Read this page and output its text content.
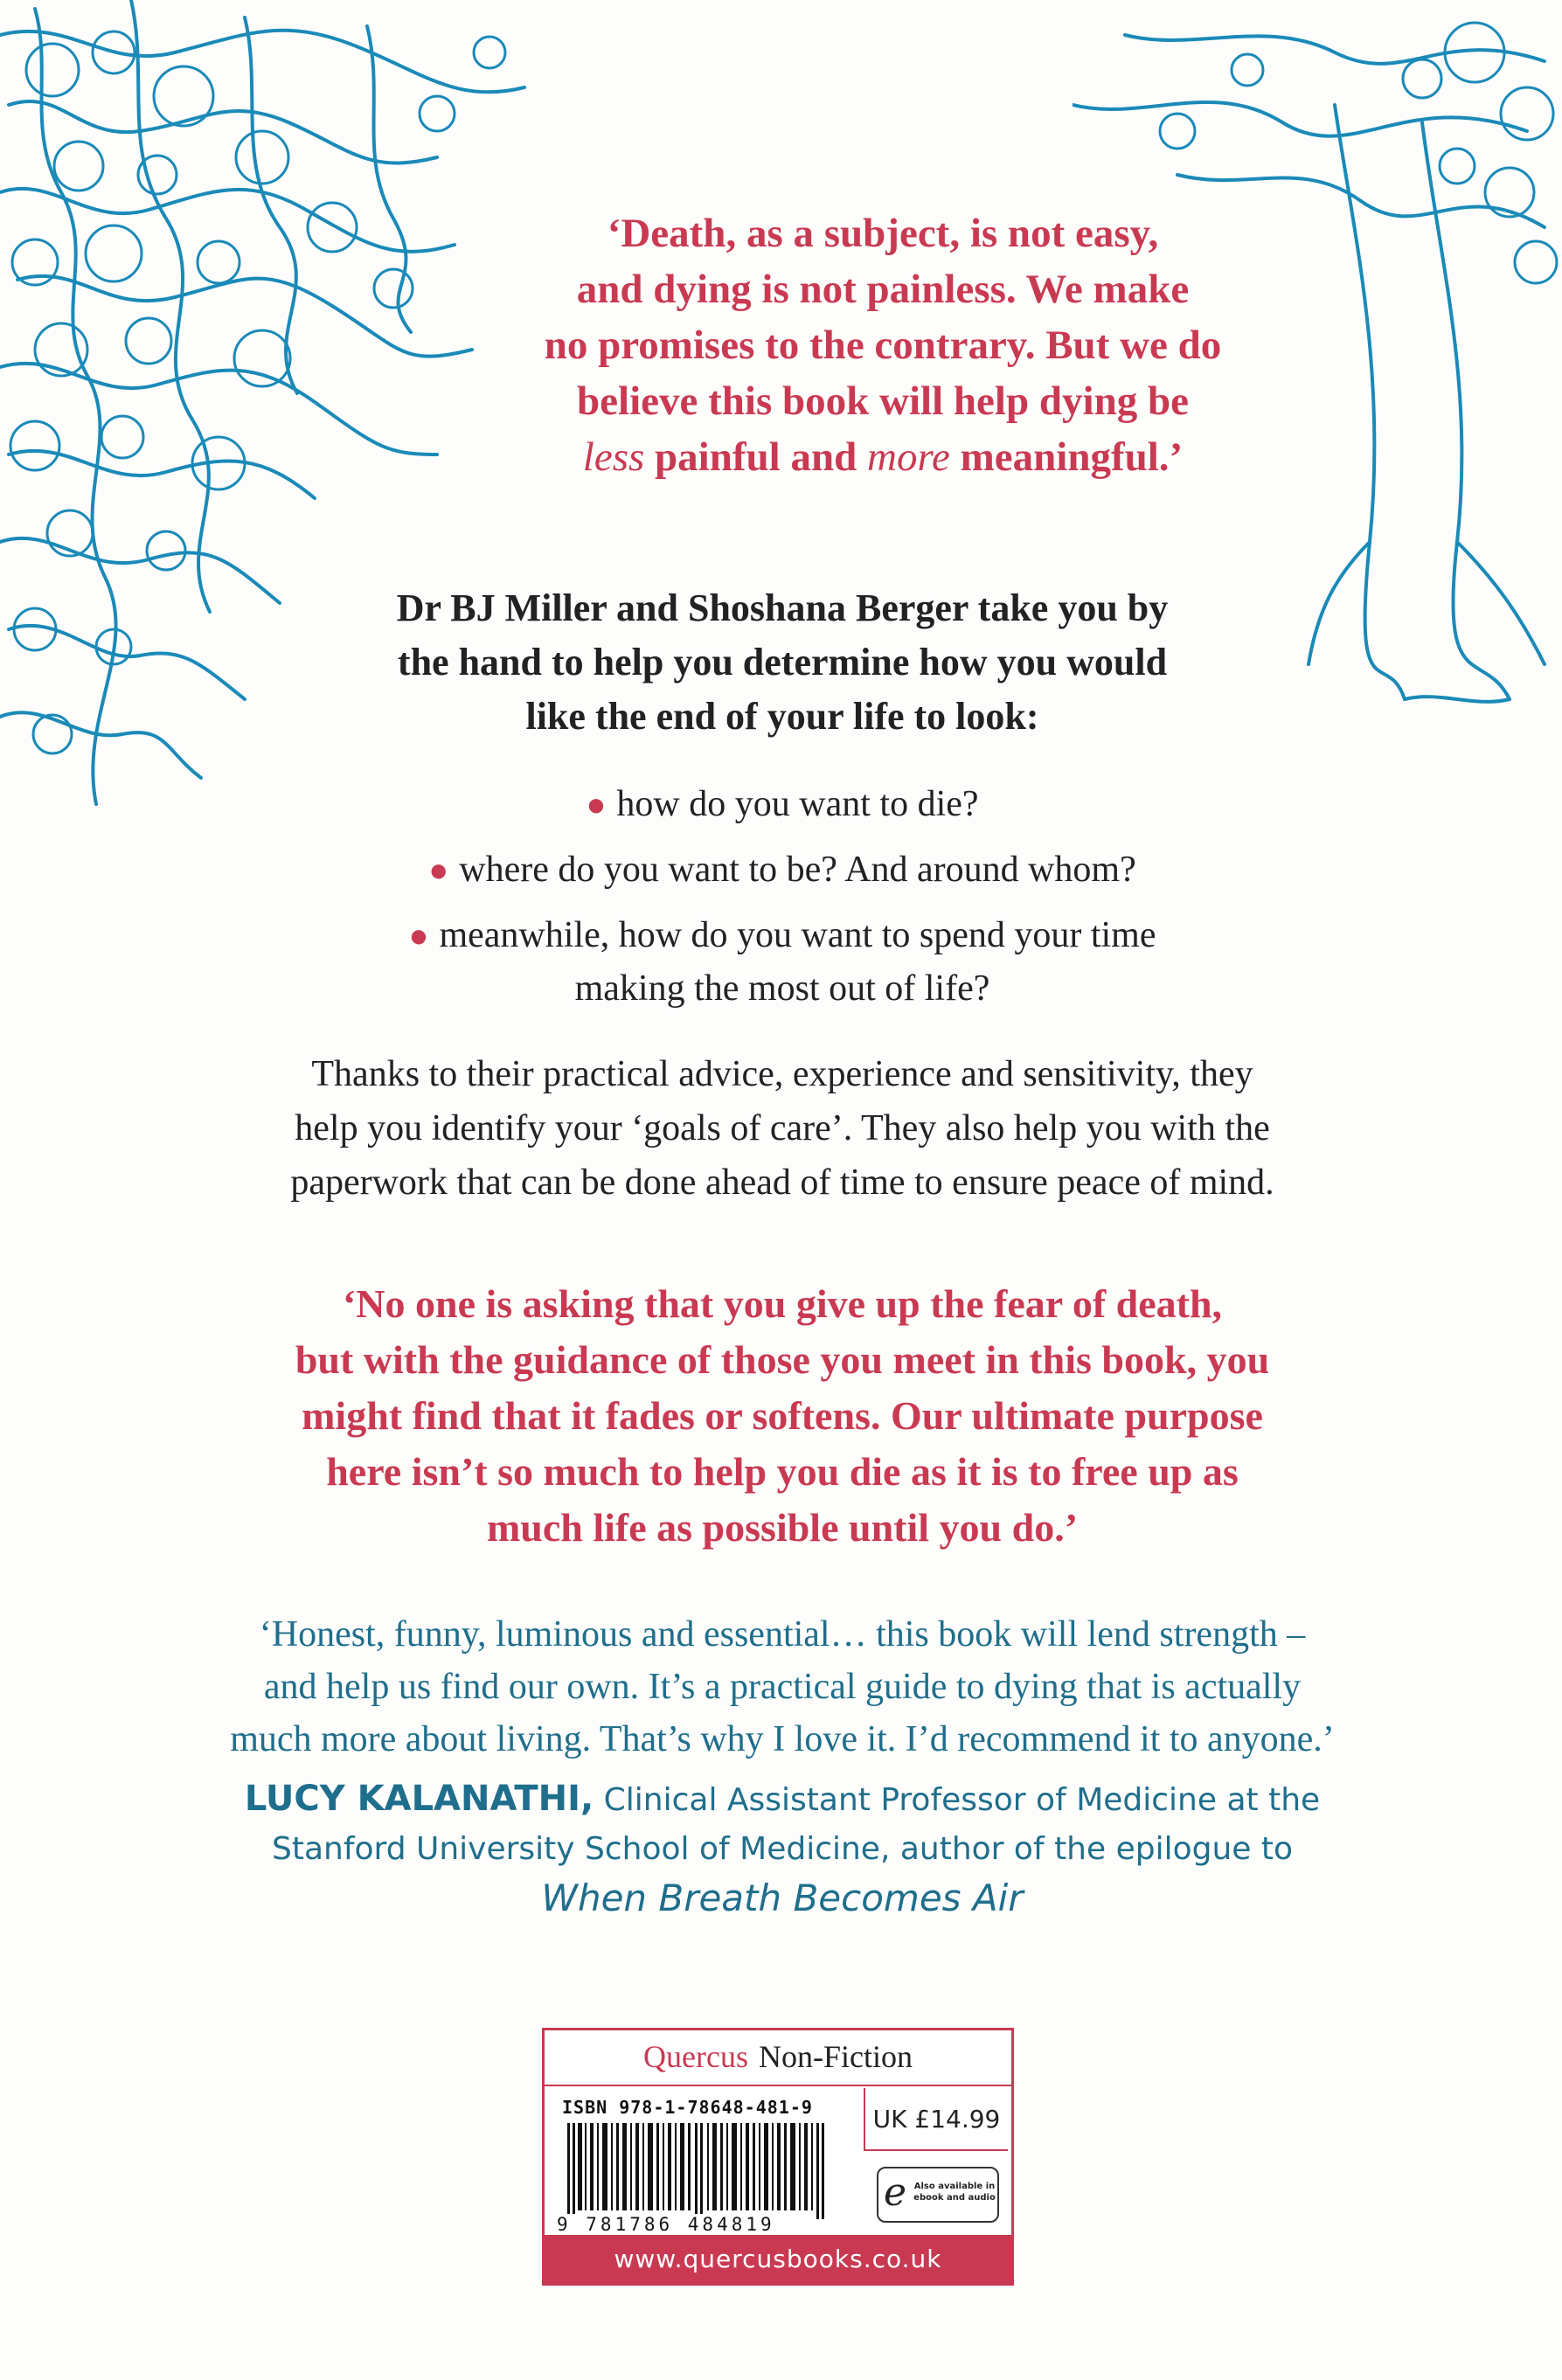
‘Death, as a subject, is not easy,
and dying is not painless. We make
no promises to the contrary. But we do
believe this book will help dying be
less painful and more meaningful.’
Dr BJ Miller and Shoshana Berger take you by
the hand to help you determine how you would
like the end of your life to look:
● how do you want to die?
● where do you want to be? And around whom?
● meanwhile, how do you want to spend your time
making the most out of life?
Thanks to their practical advice, experience and sensitivity, they
help you identify your ‘goals of care’. They also help you with the
paperwork that can be done ahead of time to ensure peace of mind.
‘No one is asking that you give up the fear of death,
but with the guidance of those you meet in this book, you
might find that it fades or softens. Our ultimate purpose
here isn’t so much to help you die as it is to free up as
much life as possible until you do.’
‘Honest, funny, luminous and essential… this book will lend strength –
and help us find our own. It’s a practical guide to dying that is actually
much more about living. That’s why I love it. I’d recommend it to anyone.’
LUCY KALANATHI, Clinical Assistant Professor of Medicine at the
Stanford University School of Medicine, author of the epilogue to
When Breath Becomes Air
Quercus Non-Fiction
ISBN 978-1-78648-481-9
9 781786 484819
UK £14.99
e Also available in ebook and audio
www.quercusbooks.co.uk
